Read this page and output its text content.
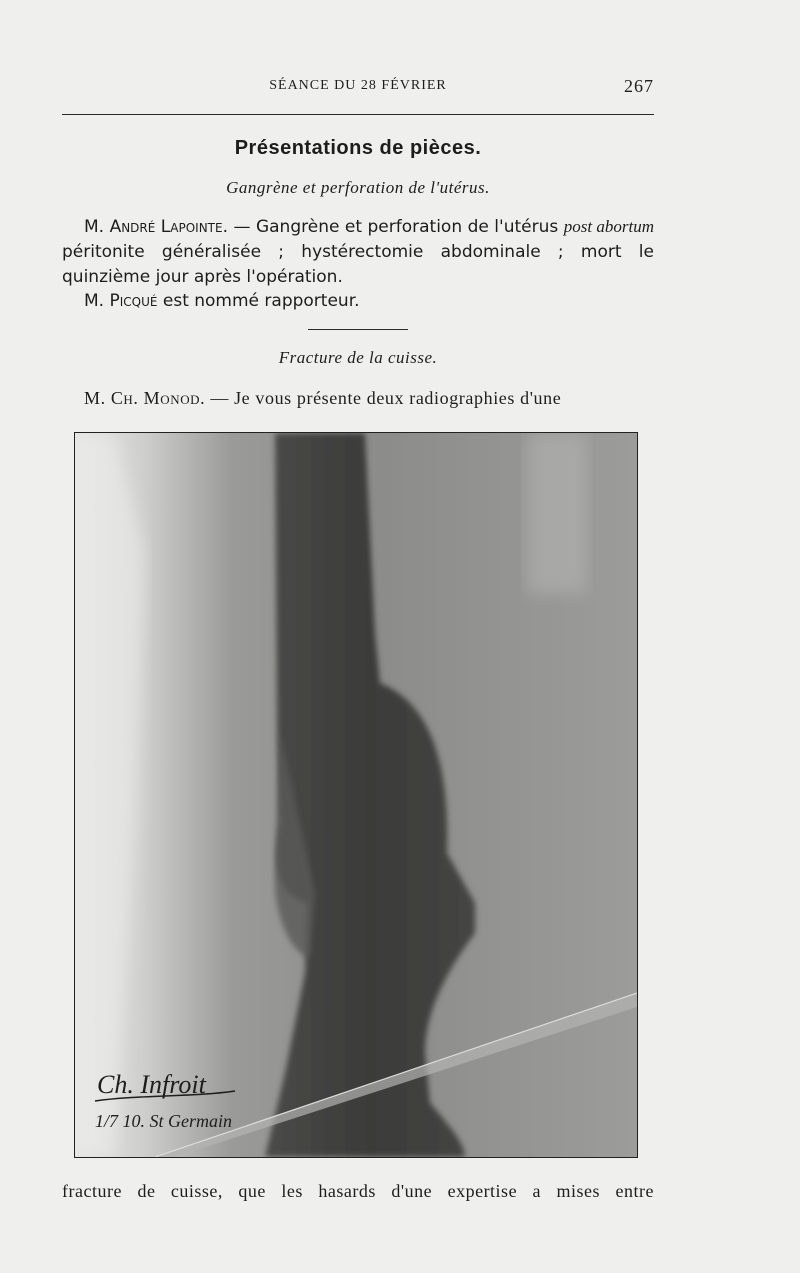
SÉANCE DU 28 FÉVRIER	267
Présentations de pièces.
Gangrène et perforation de l'utérus.
M. André Lapointe. — Gangrène et perforation de l'utérus post abortum péritonite généralisée ; hystérectomie abdominale ; mort le quinzième jour après l'opération.
M. Picqué est nommé rapporteur.
Fracture de la cuisse.
M. Ch. Monod. — Je vous présente deux radiographies d'une
Ch. Infroit
1/7 10. St Germain
fracture de cuisse, que les hasards d'une expertise a mises entre
